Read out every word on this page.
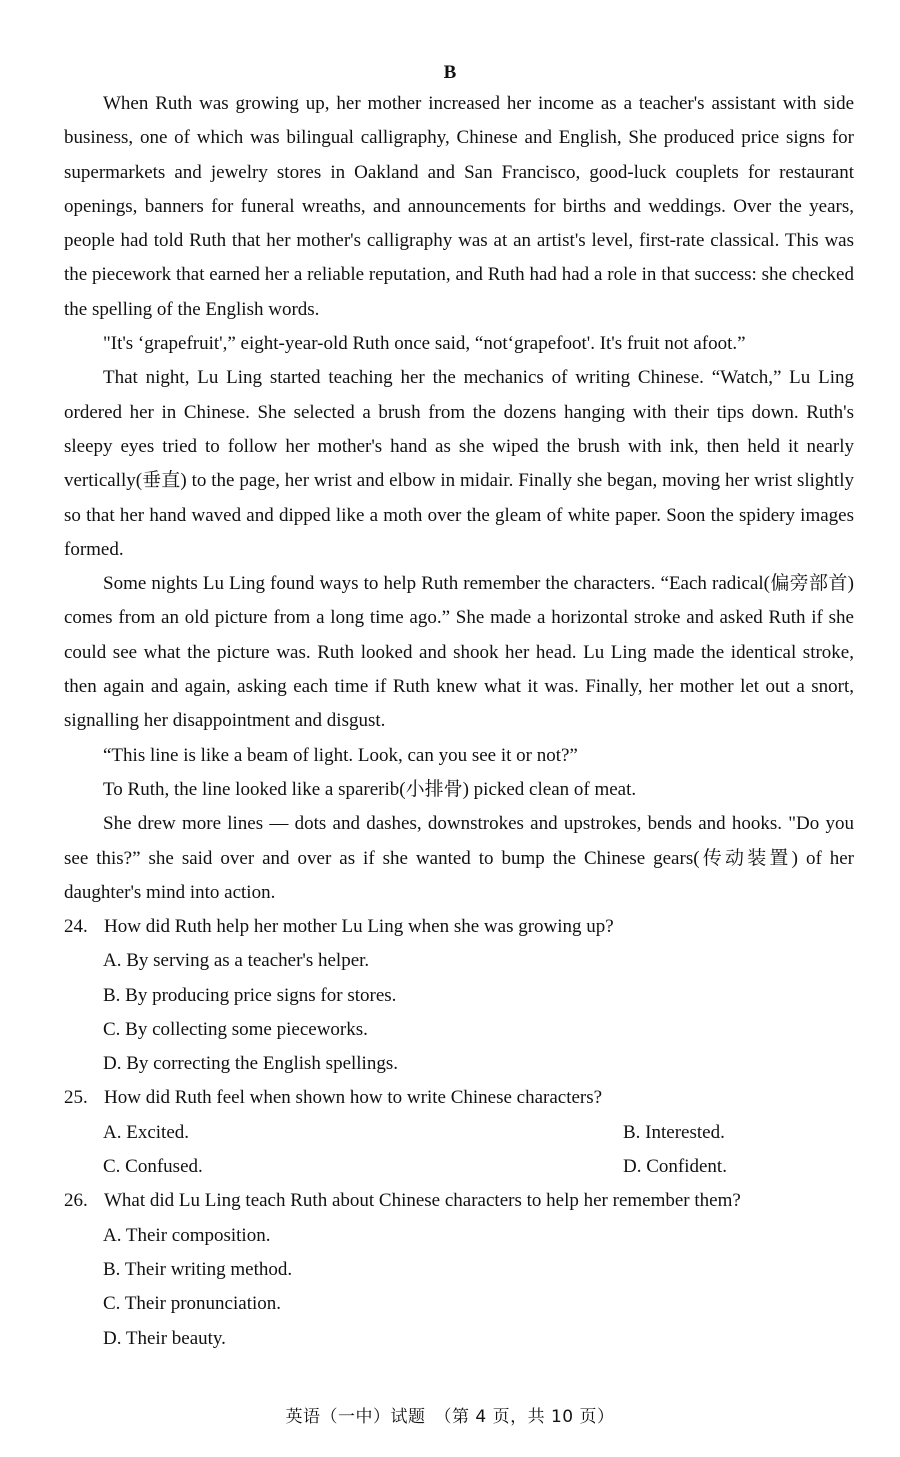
B

When Ruth was growing up, her mother increased her income as a teacher's assistant with side business, one of which was bilingual calligraphy, Chinese and English, She produced price signs for supermarkets and jewelry stores in Oakland and San Francisco, good-luck couplets for restaurant openings, banners for funeral wreaths, and announcements for births and weddings. Over the years, people had told Ruth that her mother's calligraphy was at an artist's level, first-rate classical. This was the piecework that earned her a reliable reputation, and Ruth had had a role in that success: she checked the spelling of the English words.

"It's ‘grapefruit',” eight-year-old Ruth once said, “not‘grapefoot'. It's fruit not afoot.”

That night, Lu Ling started teaching her the mechanics of writing Chinese. “Watch,” Lu Ling ordered her in Chinese. She selected a brush from the dozens hanging with their tips down. Ruth's sleepy eyes tried to follow her mother's hand as she wiped the brush with ink, then held it nearly vertically(垂直) to the page, her wrist and elbow in midair. Finally she began, moving her wrist slightly so that her hand waved and dipped like a moth over the gleam of white paper. Soon the spidery images formed.

Some nights Lu Ling found ways to help Ruth remember the characters. “Each radical(偏旁部首) comes from an old picture from a long time ago.” She made a horizontal stroke and asked Ruth if she could see what the picture was. Ruth looked and shook her head. Lu Ling made the identical stroke, then again and again, asking each time if Ruth knew what it was. Finally, her mother let out a snort, signalling her disappointment and disgust.

“This line is like a beam of light. Look, can you see it or not?”

To Ruth, the line looked like a sparerib(小排骨) picked clean of meat.

She drew more lines — dots and dashes, downstrokes and upstrokes, bends and hooks. "Do you see this?” she said over and over as if she wanted to bump the Chinese gears(传动装置) of her daughter's mind into action.

24. How did Ruth help her mother Lu Ling when she was growing up?

A. By serving as a teacher's helper.

B. By producing price signs for stores.

C. By collecting some pieceworks.

D. By correcting the English spellings.

25. How did Ruth feel when shown how to write Chinese characters?

A. Excited.	B. Interested.
C. Confused.	D. Confident.

26. What did Lu Ling teach Ruth about Chinese characters to help her remember them?

A. Their composition.

B. Their writing method.

C. Their pronunciation.

D. Their beauty.

英语（一中）试题　（第 4 页，共 10 页）
